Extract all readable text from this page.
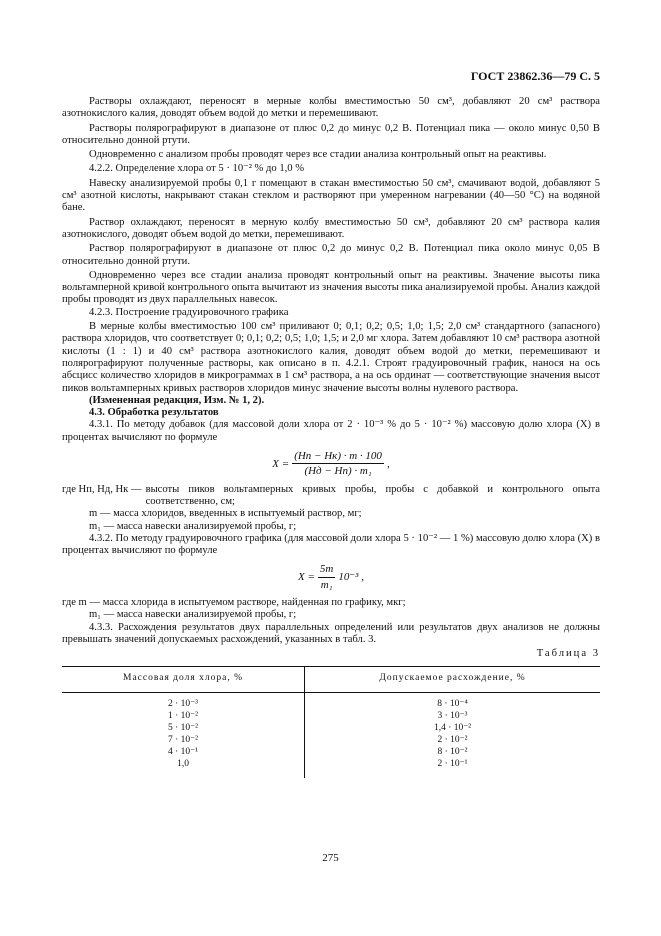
ГОСТ 23862.36—79 С. 5

Растворы охлаждают, переносят в мерные колбы вместимостью 50 см³, добавляют 20 см³ раствора азотнокислого калия, доводят объем водой до метки и перемешивают.

Растворы полярографируют в диапазоне от плюс 0,2 до минус 0,2 В. Потенциал пика — около минус 0,50 В относительно донной ртути.

Одновременно с анализом пробы проводят через все стадии анализа контрольный опыт на реактивы.

4.2.2. Определение хлора от 5 · 10⁻² % до 1,0 %

Навеску анализируемой пробы 0,1 г помещают в стакан вместимостью 50 см³, смачивают водой, добавляют 5 см³ азотной кислоты, накрывают стакан стеклом и растворяют при умеренном нагревании (40—50 °С) на водяной бане.

Раствор охлаждают, переносят в мерную колбу вместимостью 50 см³, добавляют 20 см³ раствора калия азотнокислого, доводят объем водой до метки, перемешивают.

Раствор полярографируют в диапазоне от плюс 0,2 до минус 0,2 В. Потенциал пика около минус 0,05 В относительно донной ртути.

Одновременно через все стадии анализа проводят контрольный опыт на реактивы. Значение высоты пика вольтамперной кривой контрольного опыта вычитают из значения высоты пика анализируемой пробы. Анализ каждой пробы проводят из двух параллельных навесок.

4.2.3. Построение градуировочного графика

В мерные колбы вместимостью 100 см³ приливают 0; 0,1; 0,2; 0,5; 1,0; 1,5; 2,0 см³ стандартного (запасного) раствора хлоридов, что соответствует 0; 0,1; 0,2; 0,5; 1,0; 1,5; и 2,0 мг хлора. Затем добавляют 10 см³ раствора азотной кислоты (1 : 1) и 40 см³ раствора азотнокислого калия, доводят объем водой до метки, перемешивают и полярографируют полученные растворы, как описано в п. 4.2.1. Строят градуировочный график, нанося на ось абсцисс количество хлоридов в микрограммах в 1 см³ раствора, а на ось ординат — соответствующие значения высот пиков вольтамперных кривых растворов хлоридов минус значение высоты волны нулевого раствора.

(Измененная редакция, Изм. № 1, 2).

4.3. Обработка результатов

4.3.1. По методу добавок (для массовой доли хлора от 2 · 10⁻³ % до 5 · 10⁻² %) массовую долю хлора (X) в процентах вычисляют по формуле

$X = \frac{(Hп - Hк) \cdot m \cdot 100}{\text{(Hд − Hп) · m₁}}$ ,
где Hп, Hд, Hк — высоты пиков вольтамперных кривых пробы, пробы с добавкой и контрольного опыта соответственно, см;

m — масса хлоридов, введенных в испытуемый раствор, мг;

m₁ — масса навески анализируемой пробы, г;

4.3.2. По методу градуировочного графика (для массовой доли хлора 5 · 10⁻² — 1 %) массовую долю хлора (X) в процентах вычисляют по формуле

$X = \frac{5m}{\text{m₁}} 10^{-3}$ ,

где m — масса хлорида в испытуемом растворе, найденная по графику, мкг;

m₁ — масса навески анализируемой пробы, г;

4.3.3. Расхождения результатов двух параллельных определений или результатов двух анализов не должны превышать значений допускаемых расхождений, указанных в табл. 3.

Таблица 3
Массовая доля хлора, %	Допускаемое расхождение, %
2 · 10⁻³	8 · 10⁻⁴
1 · 10⁻²	3 · 10⁻³
5 · 10⁻²	1,4 · 10⁻²
7 · 10⁻²	2 · 10⁻²
4 · 10⁻¹	8 · 10⁻²
1,0	2 · 10⁻¹
275
